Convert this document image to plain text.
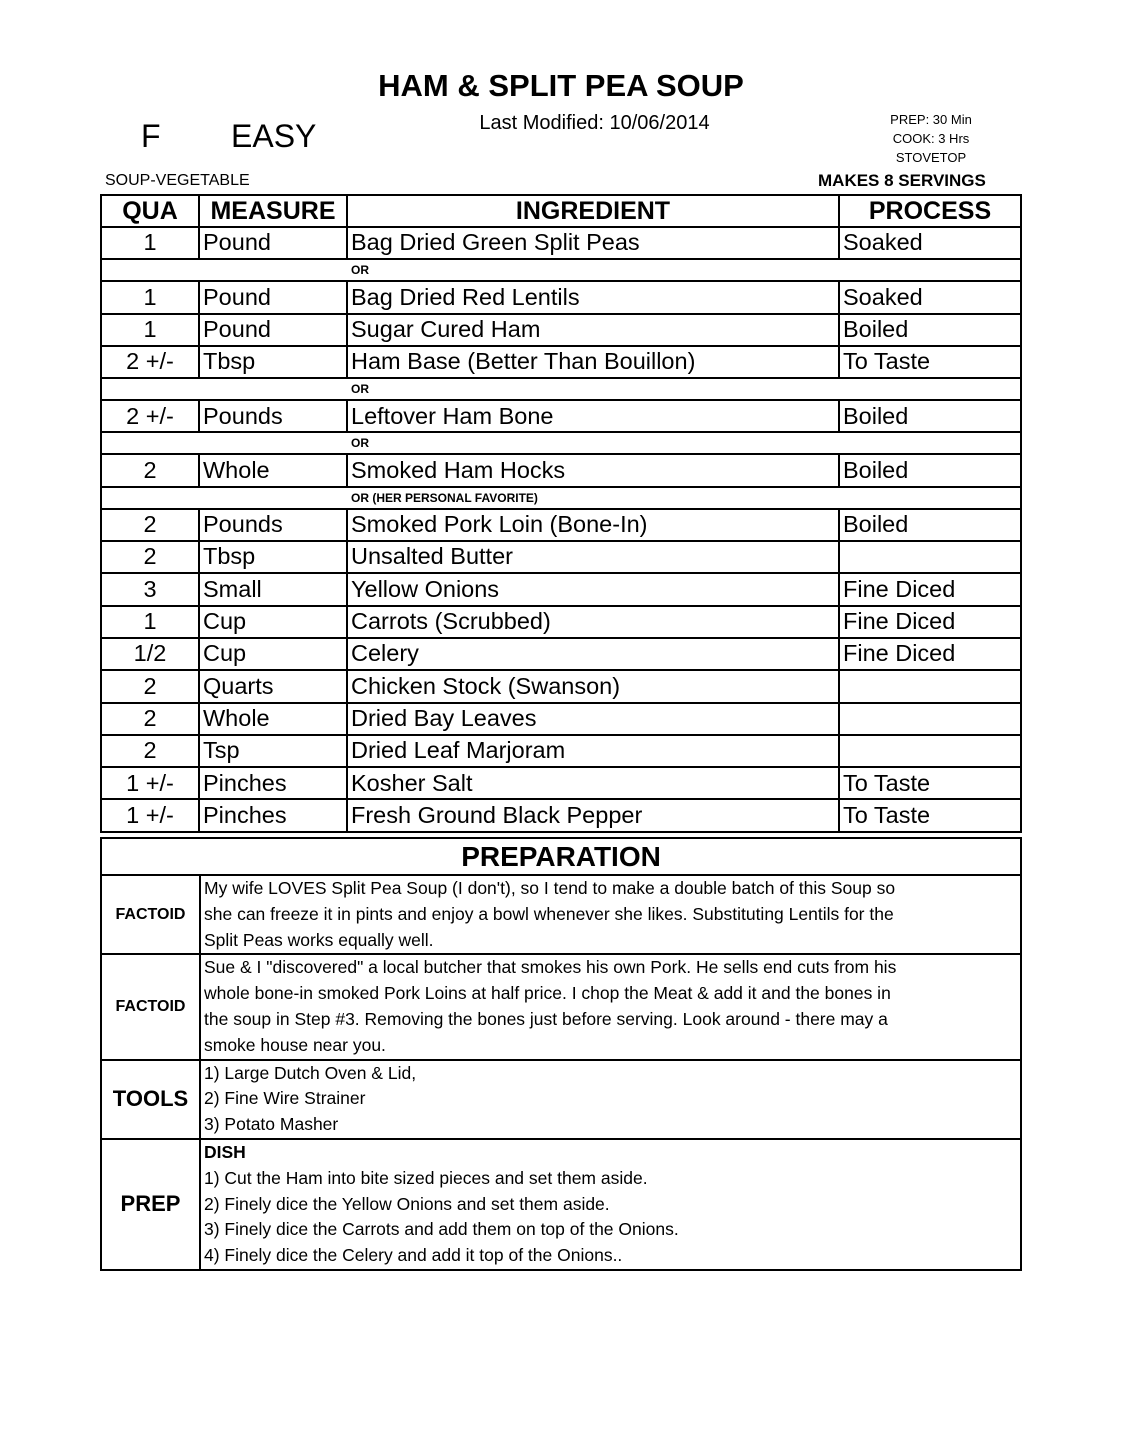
HAM & SPLIT PEA SOUP
Last Modified: 10/06/2014
F EASY	PREP: 30 Min
COOK: 3 Hrs
STOVETOP
SOUP-VEGETABLE	MAKES 8 SERVINGS
QUA	MEASURE	INGREDIENT	PROCESS
1	Pound	Bag Dried Green Split Peas	Soaked
OR			
1	Pound	Bag Dried Red Lentils	Soaked
1	Pound	Sugar Cured Ham	Boiled
2 +/-	Tbsp	Ham Base (Better Than Bouillon)	To Taste
OR			
2 +/-	Pounds	Leftover Ham Bone	Boiled
OR			
2	Whole	Smoked Ham Hocks	Boiled
OR (HER PERSONAL FAVORITE)			
2	Pounds	Smoked Pork Loin (Bone-In)	Boiled
2	Tbsp	Unsalted Butter	
3	Small	Yellow Onions	Fine Diced
1	Cup	Carrots (Scrubbed)	Fine Diced
1/2	Cup	Celery	Fine Diced
2	Quarts	Chicken Stock (Swanson)	
2	Whole	Dried Bay Leaves	
2	Tsp	Dried Leaf Marjoram	
1 +/-	Pinches	Kosher Salt	To Taste
1 +/-	Pinches	Fresh Ground Black Pepper	To Taste
PREPARATION	
FACTOID	My wife LOVES Split Pea Soup (I don't), so I tend to make a double batch of this Soup so
she can freeze it in pints and enjoy a bowl whenever she likes. Substituting Lentils for the
Split Peas works equally well.

FACTOID	Sue & I "discovered" a local butcher that smokes his own Pork. He sells end cuts from his
whole bone-in smoked Pork Loins at half price. I chop the Meat & add it and the bones in
the soup in Step #3. Removing the bones just before serving. Look around - there may a
smoke house near you.

TOOLS	1) Large Dutch Oven & Lid,
2) Fine Wire Strainer
3) Potato Masher

PREP	DISH
1) Cut the Ham into bite sized pieces and set them aside.
2) Finely dice the Yellow Onions and set them aside.
3) Finely dice the Carrots and add them on top of the Onions.
4) Finely dice the Celery and add it top of the Onions..
